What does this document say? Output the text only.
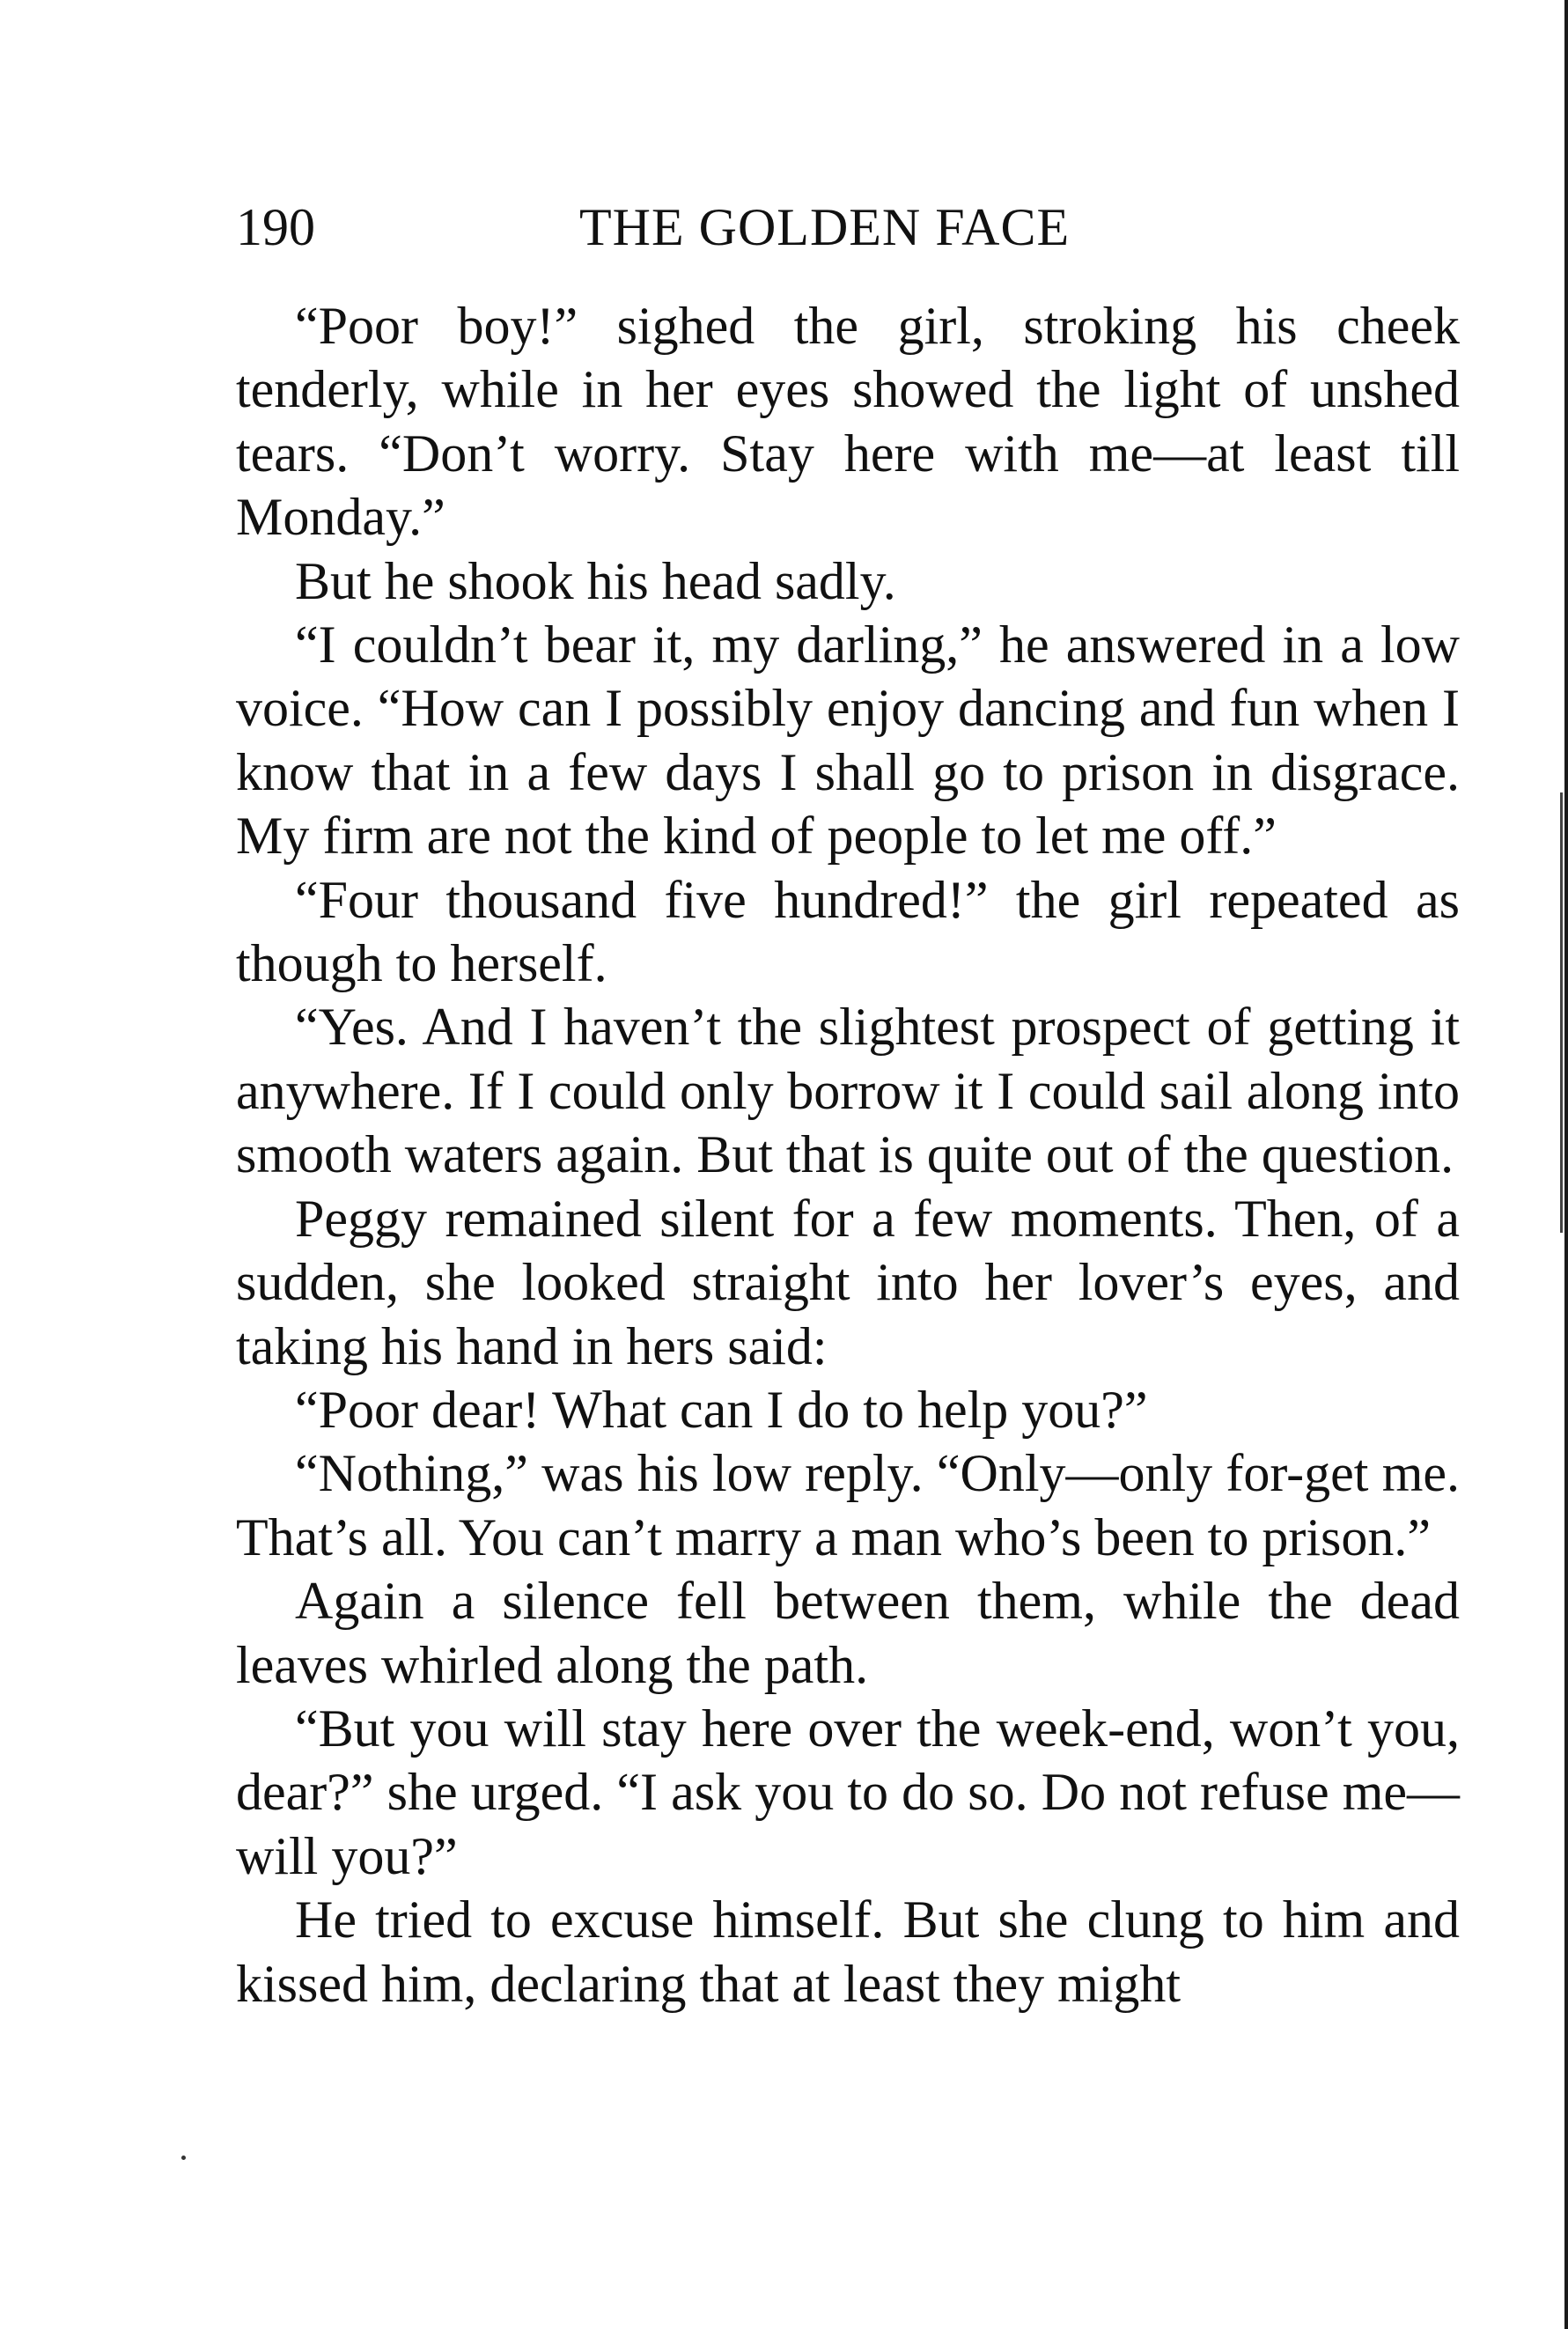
190	THE GOLDEN FACE

“Poor boy!” sighed the girl, stroking his cheek tenderly, while in her eyes showed the light of unshed tears. “Don’t worry. Stay here with me—at least till Monday.”

But he shook his head sadly.

“I couldn’t bear it, my darling,” he answered in a low voice. “How can I possibly enjoy dancing and fun when I know that in a few days I shall go to prison in disgrace. My firm are not the kind of people to let me off.”

“Four thousand five hundred!” the girl repeated as though to herself.

“Yes. And I haven’t the slightest prospect of getting it anywhere. If I could only borrow it I could sail along into smooth waters again. But that is quite out of the question.

Peggy remained silent for a few moments. Then, of a sudden, she looked straight into her lover’s eyes, and taking his hand in hers said:

“Poor dear! What can I do to help you?”

“Nothing,” was his low reply. “Only—only for-get me. That’s all. You can’t marry a man who’s been to prison.”

Again a silence fell between them, while the dead leaves whirled along the path.

“But you will stay here over the week-end, won’t you, dear?” she urged. “I ask you to do so. Do not refuse me—will you?”

He tried to excuse himself. But she clung to him and kissed him, declaring that at least they might
